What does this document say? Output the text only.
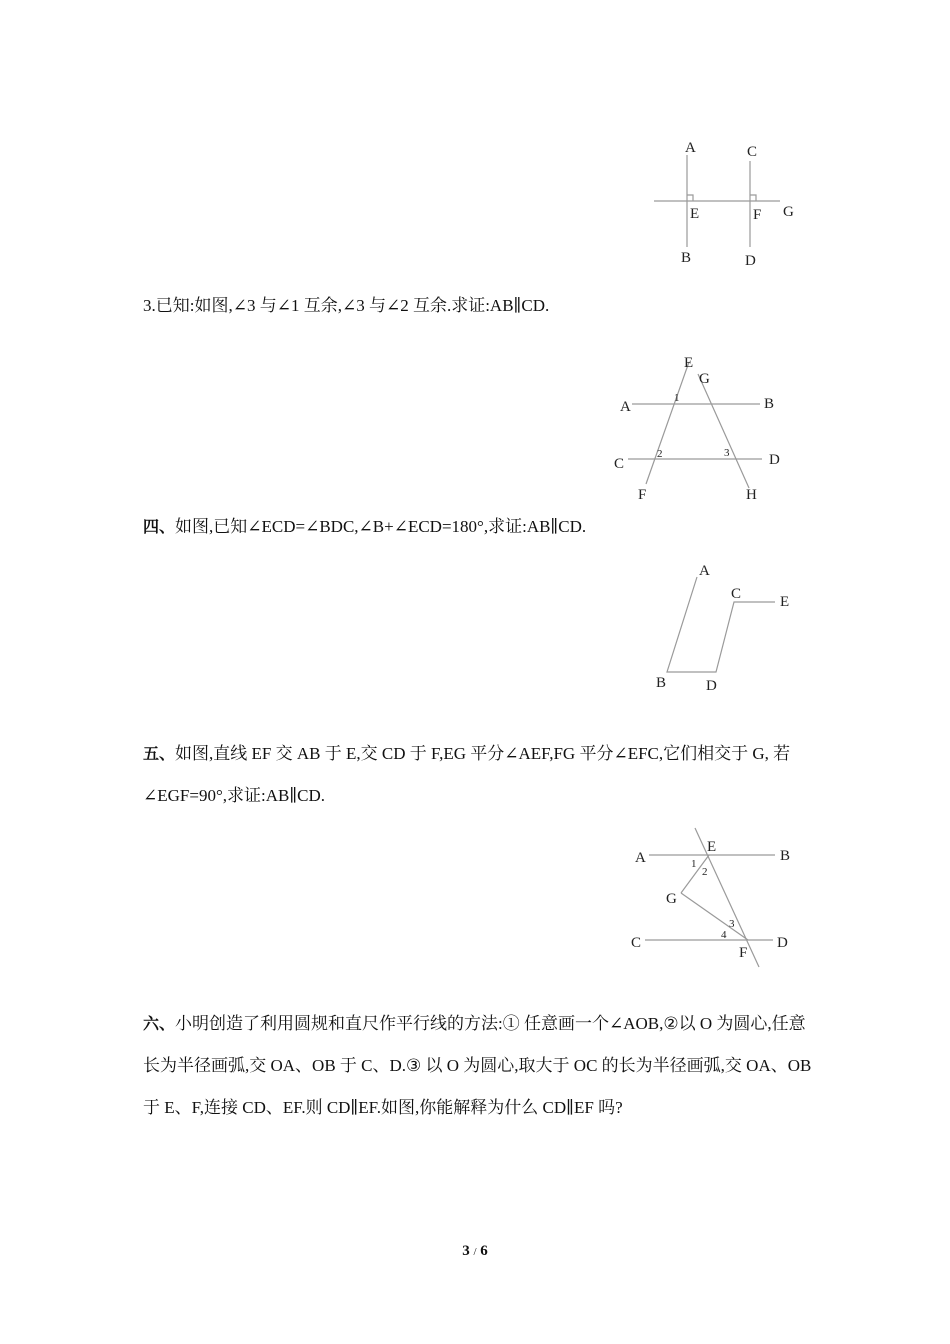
A	C
E	F G
B	D
3.已知:如图,∠3 与∠1 互余,∠3 与∠2 互余.求证:AB∥CD.
E
G
A
1	B
C
2	3	D
F	H
四、如图,已知∠ECD=∠BDC,∠B+∠ECD=180°,求证:AB∥CD.
A
C	E
B	D
五、如图,直线 EF 交 AB 于 E,交 CD 于 F,EG 平分∠AEF,FG 平分∠EFC,它们相交于 G, 若∠EGF=90°,求证:AB∥CD.
E
A	B
1
2
G
3
C	4	D
F
六、小明创造了利用圆规和直尺作平行线的方法:① 任意画一个∠AOB,②以 O 为圆心,任意长为半径画弧,交 OA、OB 于 C、D.③ 以 O 为圆心,取大于 OC 的长为半径画弧,交 OA、OB 于 E、F,连接 CD、EF.则 CD∥EF.如图,你能解释为什么 CD∥EF 吗?
3 / 6
